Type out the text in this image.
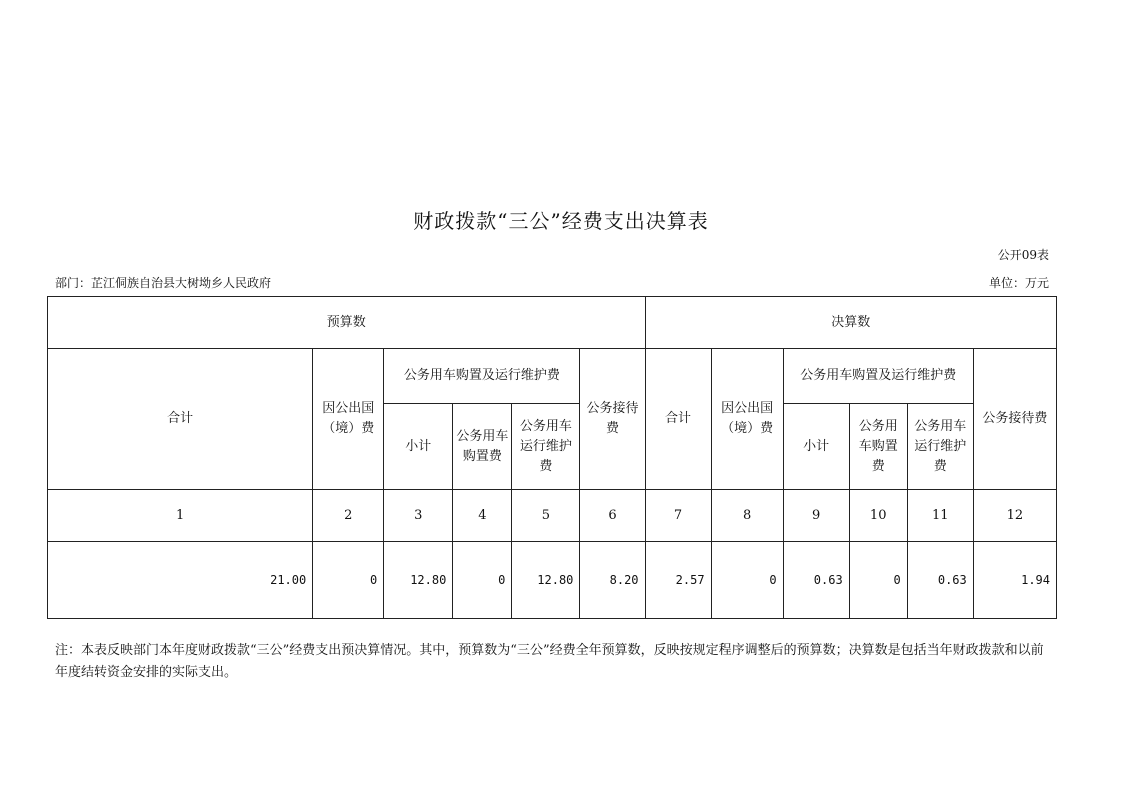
财政拨款“三公”经费支出决算表
公开09表
部门：芷江侗族自治县大树坳乡人民政府	单位：万元
预算数						决算数					
合计	因公出国（境）费	公务用车购置及运行维护费			公务接待费	合计	因公出国（境）费	公务用车购置及运行维护费			公务接待费
		小计	公务用车购置费	公务用车运行维护费				小计	公务用车购置费	公务用车运行维护费	
1	2	3	4	5	6	7	8	9	10	11	12
21.00	0	12.80	0	12.80	8.20	2.57	0	0.63	0	0.63	1.94
注：本表反映部门本年度财政拨款“三公”经费支出预决算情况。其中，预算数为“三公”经费全年预算数，反映按规定程序调整后的预算数；决算数是包括当年财政拨款和以前年度结转资金安排的实际支出。
